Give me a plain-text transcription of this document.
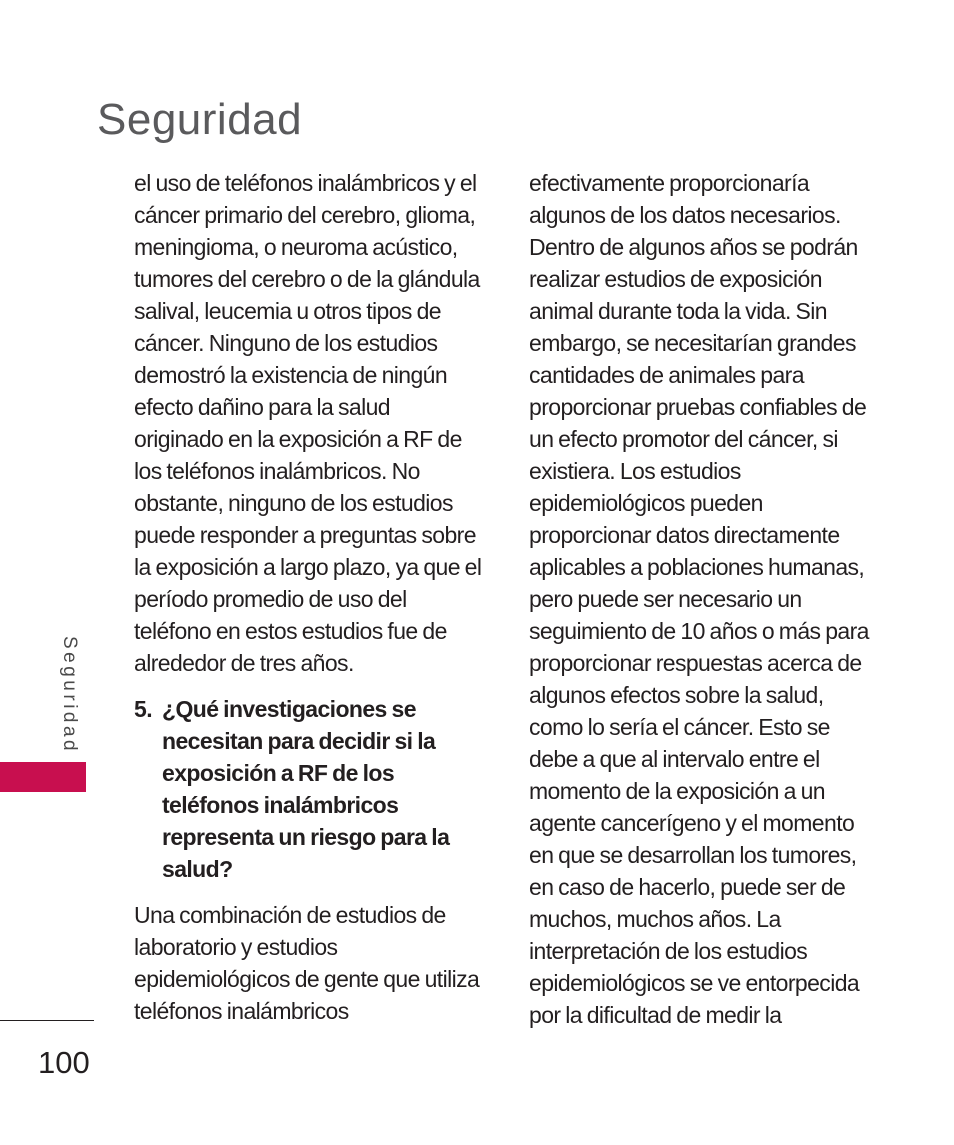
Seguridad
Seguridad

el uso de teléfonos inalámbricos y el cáncer primario del cerebro, glioma, meningioma, o neuroma acústico, tumores del cerebro o de la glándula salival, leucemia u otros tipos de cáncer. Ninguno de los estudios demostró la existencia de ningún efecto dañino para la salud originado en la exposición a RF de los teléfonos inalámbricos. No obstante, ninguno de los estudios puede responder a preguntas sobre la exposición a largo plazo, ya que el período promedio de uso del teléfono en estos estudios fue de alrededor de tres años.

5. ¿Qué investigaciones se necesitan para decidir si la exposición a RF de los teléfonos inalámbricos representa un riesgo para la salud?

Una combinación de estudios de laboratorio y estudios epidemiológicos de gente que utiliza teléfonos inalámbricos

efectivamente proporcionaría algunos de los datos necesarios. Dentro de algunos años se podrán realizar estudios de exposición animal durante toda la vida. Sin embargo, se necesitarían grandes cantidades de animales para proporcionar pruebas confiables de un efecto promotor del cáncer, si existiera. Los estudios epidemiológicos pueden proporcionar datos directamente aplicables a poblaciones humanas, pero puede ser necesario un seguimiento de 10 años o más para proporcionar respuestas acerca de algunos efectos sobre la salud, como lo sería el cáncer. Esto se debe a que al intervalo entre el momento de la exposición a un agente cancerígeno y el momento en que se desarrollan los tumores, en caso de hacerlo, puede ser de muchos, muchos años. La interpretación de los estudios epidemiológicos se ve entorpecida por la dificultad de medir la

100
